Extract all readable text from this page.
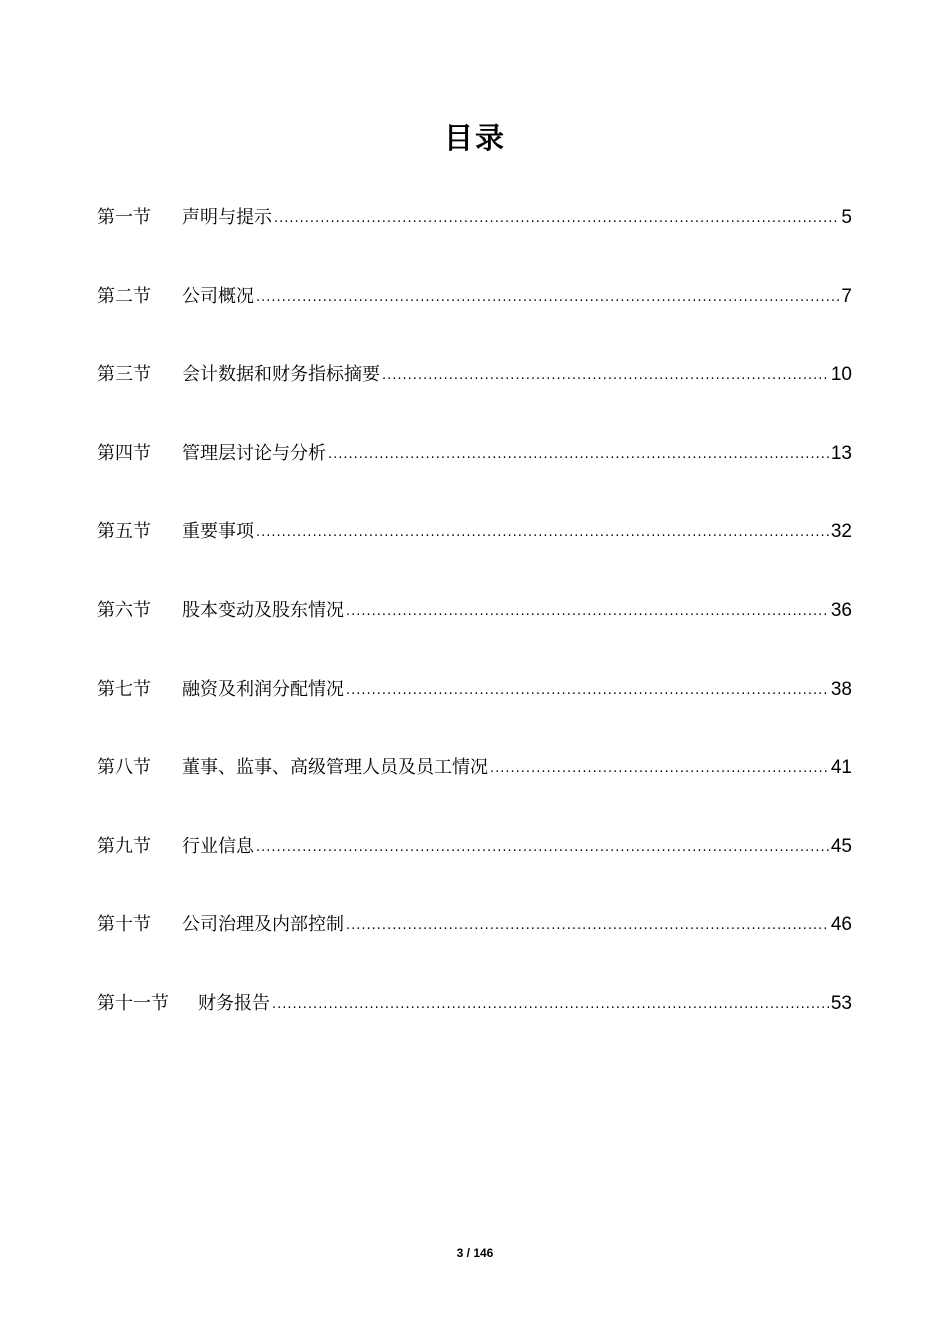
目录
第一节	声明与提示 .....	5
第二节	公司概况 .....	7
第三节	会计数据和财务指标摘要 .....	10
第四节	管理层讨论与分析 .....	13
第五节	重要事项 .....	32
第六节	股本变动及股东情况 .....	36
第七节	融资及利润分配情况 .....	38
第八节	董事、监事、高级管理人员及员工情况 .....	41
第九节	行业信息 .....	45
第十节	公司治理及内部控制 .....	46
第十一节	财务报告 .....	53
3 / 146
